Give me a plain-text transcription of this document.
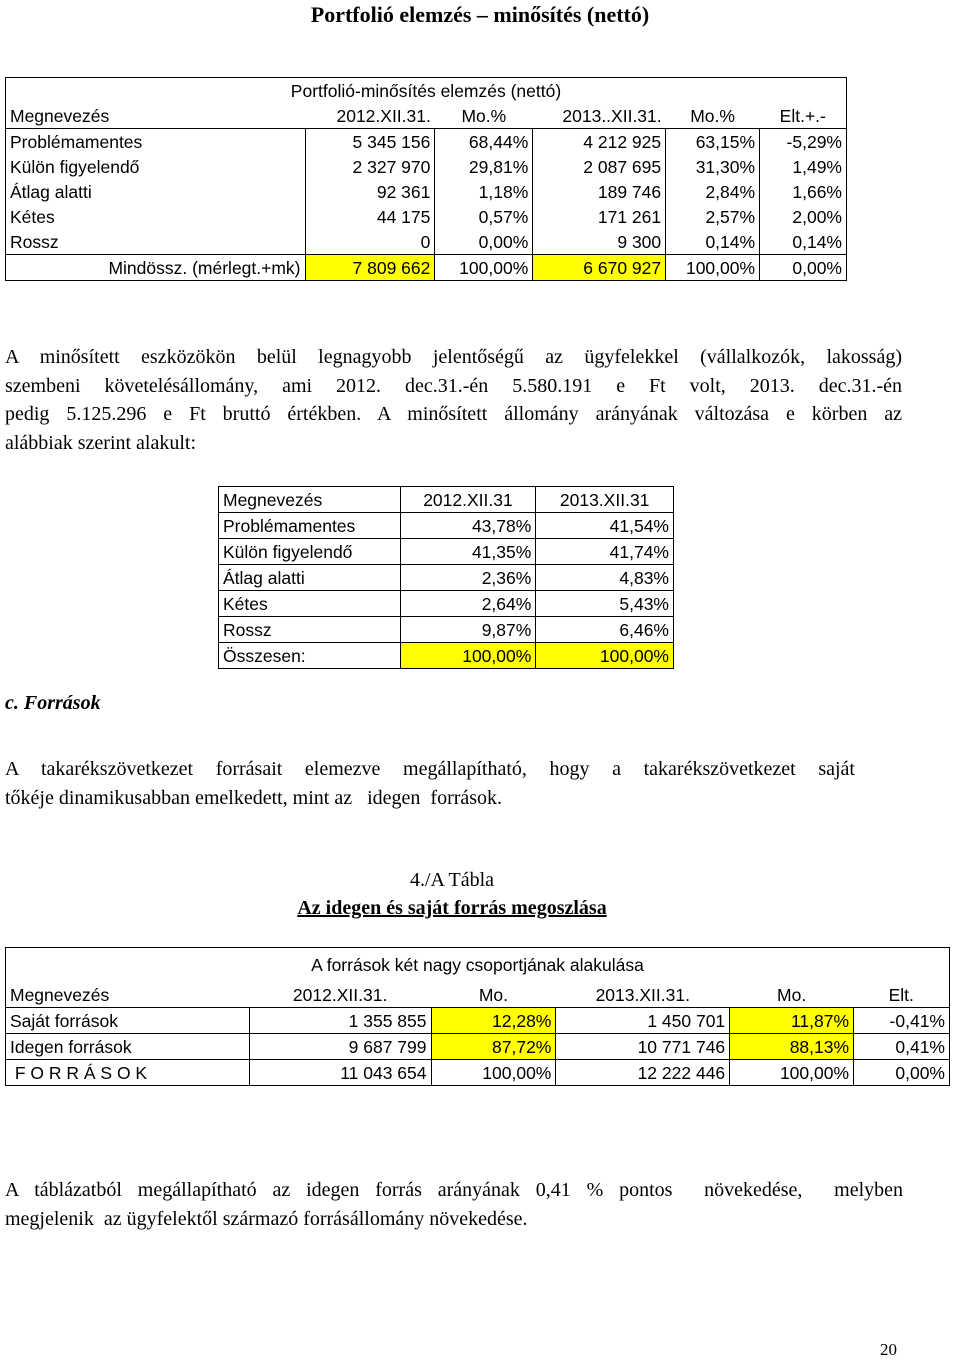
Portfolió elemzés – minősítés (nettó)
Portfolió-minősítés elemzés (nettó)					
Megnevezés	2012.XII.31.	Mo.%	2013..XII.31.	Mo.%	Elt.+.-
Problémamentes	5 345 156	68,44%	4 212 925	63,15%	-5,29%
Külön figyelendő	2 327 970	29,81%	2 087 695	31,30%	1,49%
Átlag alatti	92 361	1,18%	189 746	2,84%	1,66%
Kétes	44 175	0,57%	171 261	2,57%	2,00%
Rossz	0	0,00%	9 300	0,14%	0,14%
Mindössz. (mérlegt.+mk)	7 809 662	100,00%	6 670 927	100,00%	0,00%
A minősített eszközökön belül legnagyobb jelentőségű az ügyfelekkel (vállalkozók, lakosság)
szembeni követelésállomány, ami 2012. dec.31.-én 5.580.191 e Ft volt, 2013. dec.31.-én
pedig 5.125.296 e Ft bruttó értékben. A minősített állomány arányának változása e körben az
alábbiak szerint alakult:
Megnevezés	2012.XII.31	2013.XII.31
Problémamentes	43,78%	41,54%
Külön figyelendő	41,35%	41,74%
Átlag alatti	2,36%	4,83%
Kétes	2,64%	5,43%
Rossz	9,87%	6,46%
Összesen:	100,00%	100,00%
c. Források
A takarékszövetkezet forrásait elemezve megállapítható, hogy a takarékszövetkezet saját
tőkéje dinamikusabban emelkedett, mint az   idegen  források.
4./A Tábla
Az idegen és saját forrás megoszlása
A források két nagy csoportjának alakulása					
Megnevezés	2012.XII.31.	Mo.	2013.XII.31.	Mo.	Elt.
Saját források	1 355 855	12,28%	1 450 701	11,87%	-0,41%
Idegen források	9 687 799	87,72%	10 771 746	88,13%	0,41%
F O R R Á S O K	11 043 654	100,00%	12 222 446	100,00%	0,00%
A táblázatból megállapítható az idegen forrás arányának 0,41 % pontos  növekedése,  melyben
megjelenik  az ügyfelektől származó forrásállomány növekedése.
20
